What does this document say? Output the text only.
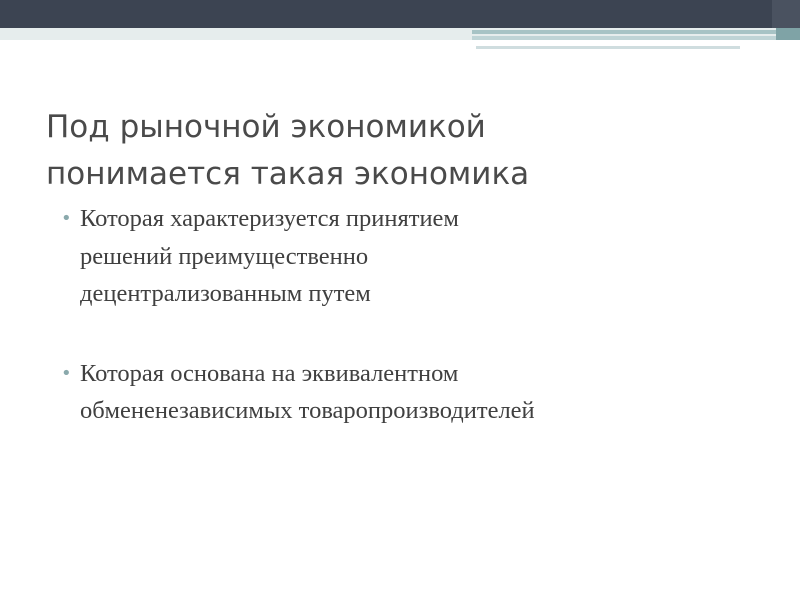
Под рыночной экономикой
понимается такая экономика
• Которая характеризуется принятием
решений преимущественно
децентрализованным путем
• Которая основана на эквивалентном
обмененезависимых товаропроизводителей
